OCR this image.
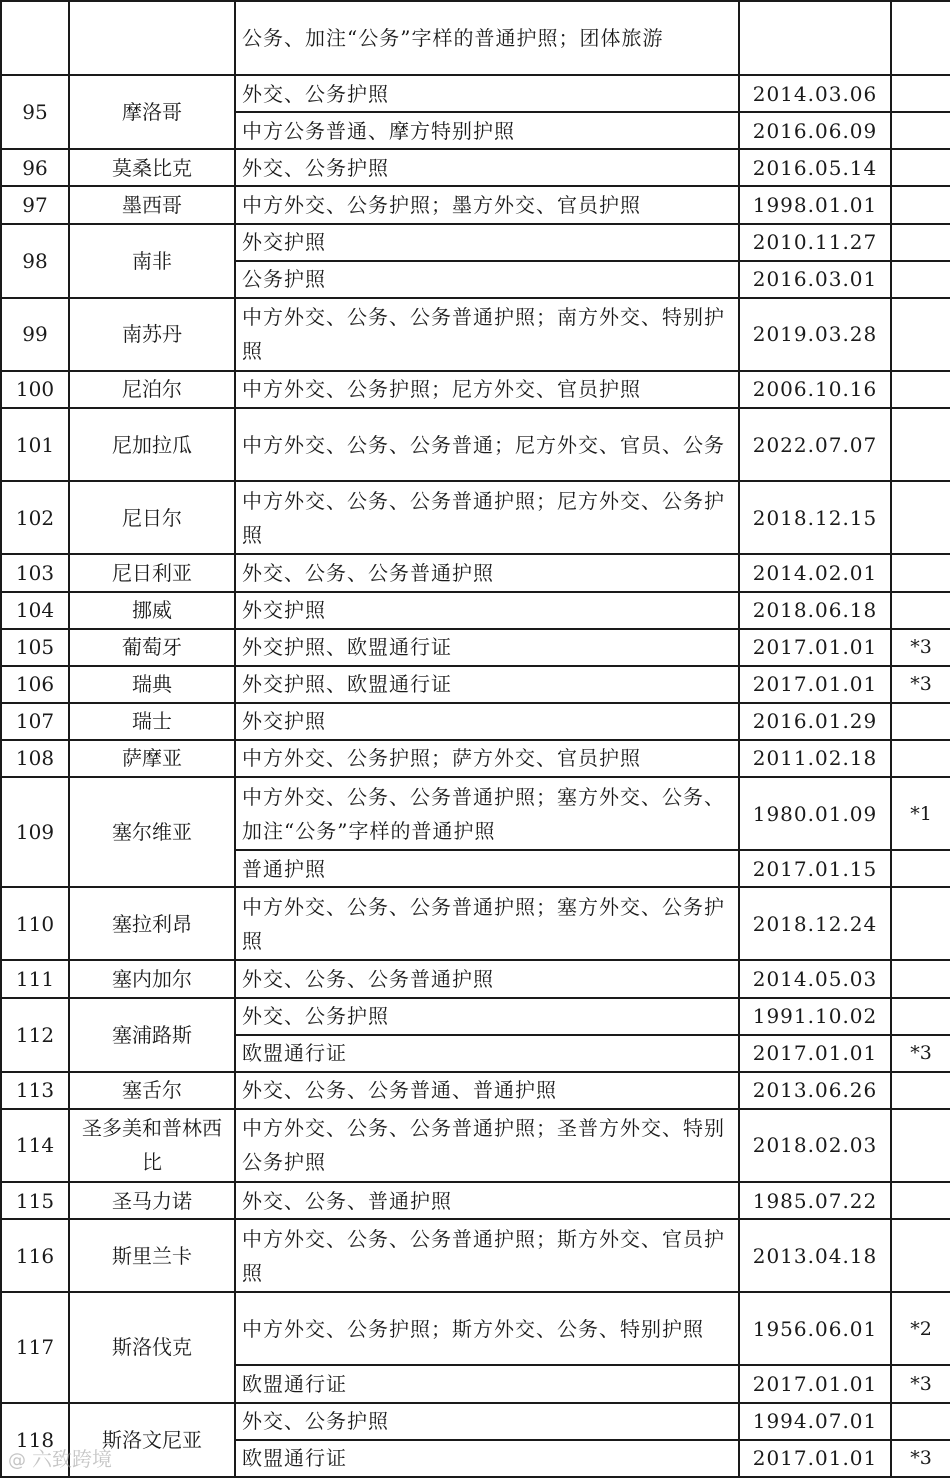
		公务、加注“公务”字样的普通护照；团体旅游		
95	摩洛哥	外交、公务护照	2014.03.06	
		中方公务普通、摩方特别护照	2016.06.09	
96	莫桑比克	外交、公务护照	2016.05.14	
97	墨西哥	中方外交、公务护照；墨方外交、官员护照	1998.01.01	
98	南非	外交护照	2010.11.27	
		公务护照	2016.03.01	
99	南苏丹	中方外交、公务、公务普通护照；南方外交、特别护照	2019.03.28	
100	尼泊尔	中方外交、公务护照；尼方外交、官员护照	2006.10.16	
101	尼加拉瓜	中方外交、公务、公务普通；尼方外交、官员、公务	2022.07.07	
102	尼日尔	中方外交、公务、公务普通护照；尼方外交、公务护照	2018.12.15	
103	尼日利亚	外交、公务、公务普通护照	2014.02.01	
104	挪威	外交护照	2018.06.18	
105	葡萄牙	外交护照、欧盟通行证	2017.01.01	*3
106	瑞典	外交护照、欧盟通行证	2017.01.01	*3
107	瑞士	外交护照	2016.01.29	
108	萨摩亚	中方外交、公务护照；萨方外交、官员护照	2011.02.18	
109	塞尔维亚	中方外交、公务、公务普通护照；塞方外交、公务、加注“公务”字样的普通护照	1980.01.09	*1
		普通护照	2017.01.15	
110	塞拉利昂	中方外交、公务、公务普通护照；塞方外交、公务护照	2018.12.24	
111	塞内加尔	外交、公务、公务普通护照	2014.05.03	
112	塞浦路斯	外交、公务护照	1991.10.02	
		欧盟通行证	2017.01.01	*3
113	塞舌尔	外交、公务、公务普通、普通护照	2013.06.26	
114	圣多美和普林西比	中方外交、公务、公务普通护照；圣普方外交、特别公务护照	2018.02.03	
115	圣马力诺	外交、公务、普通护照	1985.07.22	
116	斯里兰卡	中方外交、公务、公务普通护照；斯方外交、官员护照	2013.04.18	
117	斯洛伐克	中方外交、公务护照；斯方外交、公务、特别护照	1956.06.01	*2
		欧盟通行证	2017.01.01	*3
118	斯洛文尼亚	外交、公务护照	1994.07.01	
		欧盟通行证	2017.01.01	*3
@ 六致跨境
